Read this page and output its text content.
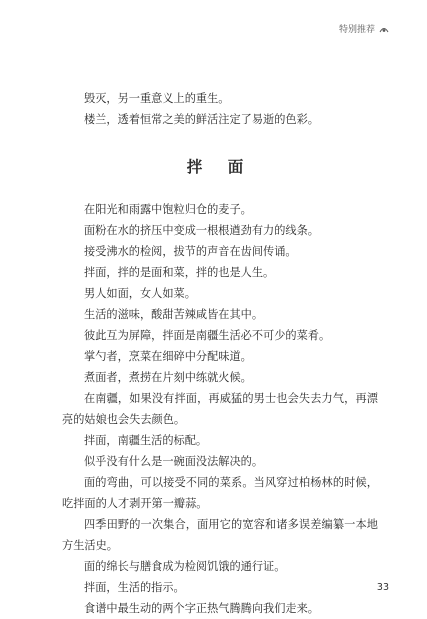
特别推荐

毁灭，另一重意义上的重生。

楼兰，透着恒常之美的鲜活注定了易逝的色彩。

拌 面

在阳光和雨露中饱粒归仓的麦子。

面粉在水的挤压中变成一根根遒劲有力的线条。

接受沸水的检阅，拔节的声音在齿间传诵。

拌面，拌的是面和菜，拌的也是人生。

男人如面，女人如菜。

生活的滋味，酸甜苦辣咸皆在其中。

彼此互为屏障，拌面是南疆生活必不可少的菜肴。

掌勺者，烹菜在细碎中分配味道。

煮面者，煮捞在片刻中练就火候。

在南疆，如果没有拌面，再威猛的男士也会失去力气，再漂亮的姑娘也会失去颜色。

拌面，南疆生活的标配。

似乎没有什么是一碗面没法解决的。

面的弯曲，可以接受不同的菜系。当风穿过柏杨林的时候，吃拌面的人才剥开第一瓣蒜。

四季田野的一次集合，面用它的宽容和诸多误差编纂一本地方生活史。

面的绵长与膳食成为检阅饥饿的通行证。

拌面，生活的指示。

食谱中最生动的两个字正热气腾腾向我们走来。

33
